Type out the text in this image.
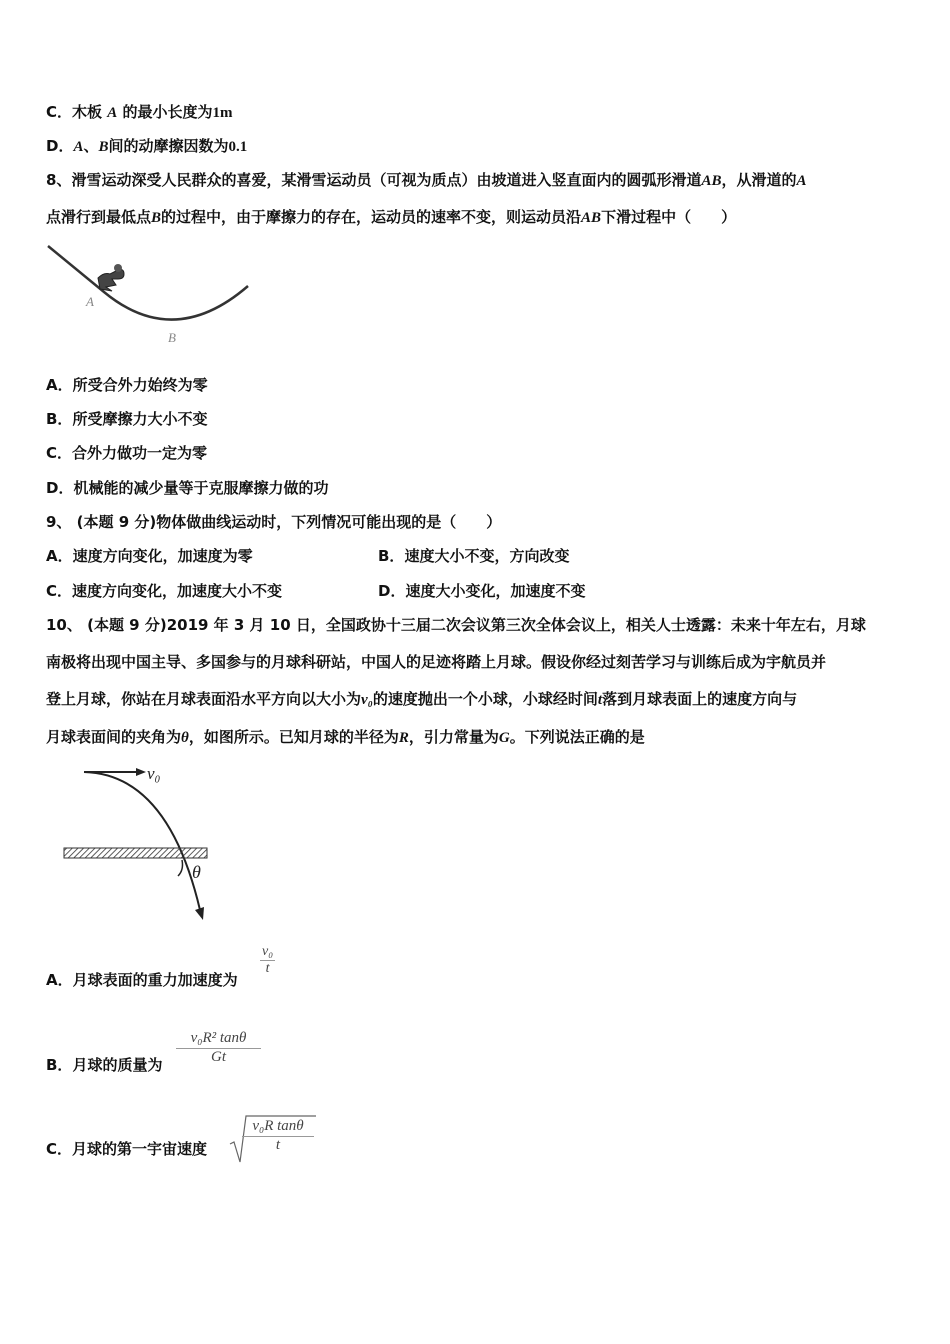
C．木板 A 的最小长度为1m
D．A、B间的动摩擦因数为0.1
8、滑雪运动深受人民群众的喜爱，某滑雪运动员（可视为质点）由坡道进入竖直面内的圆弧形滑道AB，从滑道的A
点滑行到最低点B的过程中，由于摩擦力的存在，运动员的速率不变，则运动员沿AB下滑过程中（　　）
A
B
A．所受合外力始终为零
B．所受摩擦力大小不变
C．合外力做功一定为零
D．机械能的减少量等于克服摩擦力做的功
9、 (本题 9 分)物体做曲线运动时，下列情况可能出现的是（　　）
A．速度方向变化，加速度为零	B．速度大小不变，方向改变
C．速度方向变化，加速度大小不变	D．速度大小变化，加速度不变
10、 (本题 9 分)2019 年 3 月 10 日，全国政协十三届二次会议第三次全体会议上，相关人士透露：未来十年左右，月球
南极将出现中国主导、多国参与的月球科研站，中国人的足迹将踏上月球。假设你经过刻苦学习与训练后成为宇航员并
登上月球，你站在月球表面沿水平方向以大小为v₀的速度抛出一个小球，小球经时间t落到月球表面上的速度方向与
月球表面间的夹角为θ，如图所示。已知月球的半径为R，引力常量为G。下列说法正确的是
v₀
θ
A．月球表面的重力加速度为
$\frac{\text{v₀}}{t}$
B．月球的质量为 $\frac{\text{v₀R² tanθ}}{Gt}$
C．月球的第一宇宙速度 $\frac{\text{v₀R tanθ}}{t}$
